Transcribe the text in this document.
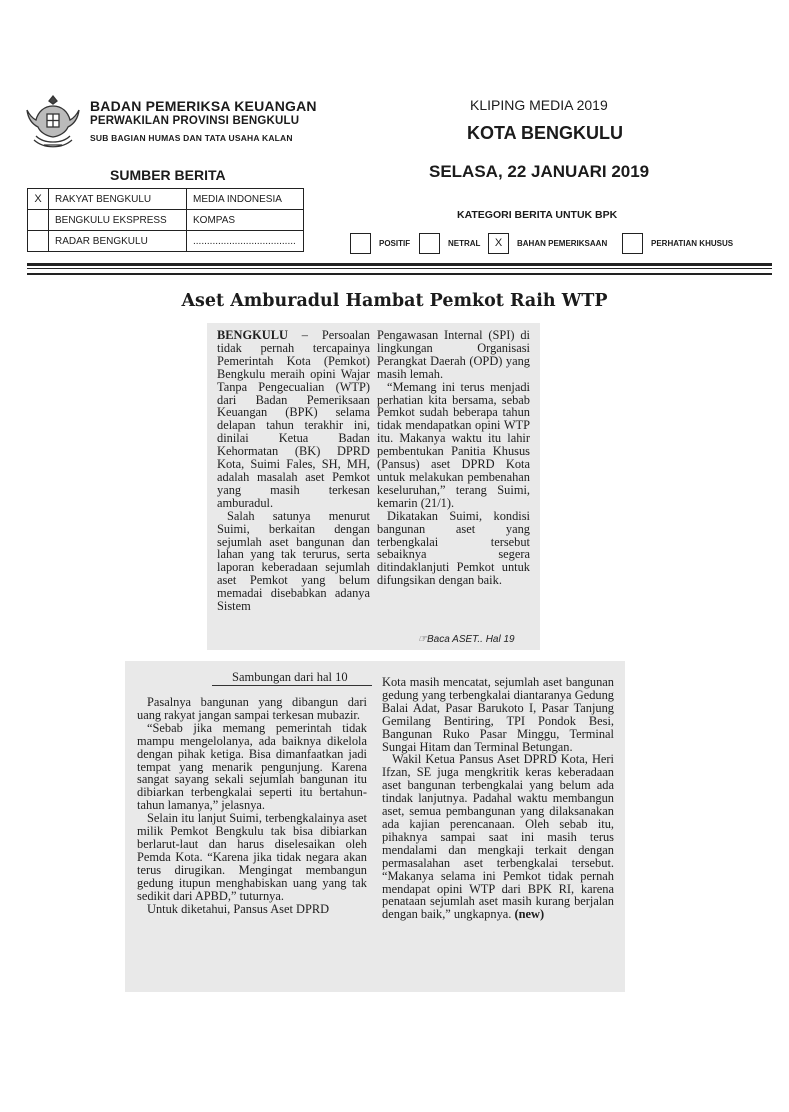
BADAN PEMERIKSA KEUANGAN
PERWAKILAN PROVINSI BENGKULU
SUB BAGIAN HUMAS DAN TATA USAHA KALAN
KLIPING MEDIA 2019
KOTA BENGKULU
SELASA, 22 JANUARI 2019
SUMBER BERITA
X	RAKYAT BENGKULU	MEDIA INDONESIA
	BENGKULU EKSPRESS	KOMPAS
	RADAR BENGKULU	.....................................
KATEGORI BERITA UNTUK BPK
POSITIF	NETRAL	X	BAHAN PEMERIKSAAN	PERHATIAN KHUSUS
Aset Amburadul Hambat Pemkot Raih WTP

BENGKULU – Persoalan tidak pernah tercapainya Pemerintah Kota (Pemkot) Bengkulu meraih opini Wajar Tanpa Pengecualian (WTP) dari Badan Pemeriksaan Keuangan (BPK) selama delapan tahun terakhir ini, dinilai Ketua Badan Kehormatan (BK) DPRD Kota, Suimi Fales, SH, MH, adalah masalah aset Pemkot yang masih terkesan amburadul.

Salah satunya menurut Suimi, berkaitan dengan sejumlah aset bangunan dan lahan yang tak terurus, serta laporan keberadaan sejumlah aset Pemkot yang belum memadai disebabkan adanya Sistem

Pengawasan Internal (SPI) di lingkungan Organisasi Perangkat Daerah (OPD) yang masih lemah.

“Memang ini terus menjadi perhatian kita bersama, sebab Pemkot sudah beberapa tahun tidak mendapatkan opini WTP itu. Makanya waktu itu lahir pembentukan Panitia Khusus (Pansus) aset DPRD Kota untuk melakukan pembenahan keseluruhan,” terang Suimi, kemarin (21/1).

Dikatakan Suimi, kondisi bangunan aset yang terbengkalai tersebut sebaiknya segera ditindaklanjuti Pemkot untuk difungsikan dengan baik.

☞Baca ASET.. Hal 19

Pasalnya bangunan yang dibangun dari uang rakyat jangan sampai terkesan mubazir.

“Sebab jika memang pemerintah tidak mampu mengelolanya, ada baiknya dikelola dengan pihak ketiga. Bisa dimanfaatkan jadi tempat yang menarik pengunjung. Karena sangat sayang sekali sejumlah bangunan itu dibiarkan terbengkalai seperti itu bertahun-tahun lamanya,” jelasnya.

Selain itu lanjut Suimi, terbengkalainya aset milik Pemkot Bengkulu tak bisa dibiarkan berlarut-laut dan harus diselesaikan oleh Pemda Kota. “Karena jika tidak negara akan terus dirugikan. Mengingat membangun gedung itupun menghabiskan uang yang tak sedikit dari APBD,” tuturnya.

Untuk diketahui, Pansus Aset DPRD

Kota masih mencatat, sejumlah aset bangunan gedung yang terbengkalai diantaranya Gedung Balai Adat, Pasar Barukoto I, Pasar Tanjung Gemilang Bentiring, TPI Pondok Besi, Bangunan Ruko Pasar Minggu, Terminal Sungai Hitam dan Terminal Betungan.

Wakil Ketua Pansus Aset DPRD Kota, Heri Ifzan, SE juga mengkritik keras keberadaan aset bangunan terbengkalai yang belum ada tindak lanjutnya. Padahal waktu membangun aset, semua pembangunan yang dilaksanakan ada kajian perencanaan. Oleh sebab itu, pihaknya sampai saat ini masih terus mendalami dan mengkaji terkait dengan permasalahan aset terbengkalai tersebut. “Makanya selama ini Pemkot tidak pernah mendapat opini WTP dari BPK RI, karena penataan sejumlah aset masih kurang berjalan dengan baik,” ungkapnya. (new)

Sambungan dari hal 10
